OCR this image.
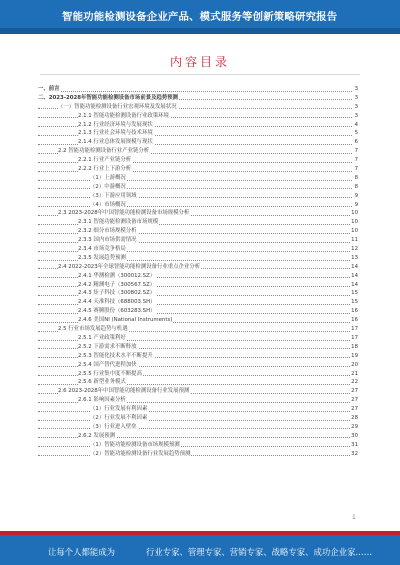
智能功能检测设备企业产品、模式服务等创新策略研究报告
内容目录
一、前言	3
二、2023-2028年智能功能检测设备市场前景及趋势预测	3
（一）智能功能检测设备行业宏观环境及发展状况	3
2.1.1 智能功能检测设备行业政策环境	3
2.1.2 行业经济环境与发展现状	4
2.1.3 行业社会环境与技术环境	5
2.1.4 行业总体发展规模与现状	6
2.2 智能功能检测设备行业产业链分析	7
2.2.1 行业产业链分析	7
2.2.2 行业上下游分析	7
（1）上游概况	8
（2）中游概况	8
（3）下游应用领域	9
（4）市场概况	9
2.3 2023-2028年中国智能功能检测设备市场规模分析	10
2.3.1 智能功能检测设备市场规模	10
2.3.2 细分市场规模分析	10
2.3.3 国内市场供需情况	11
2.3.4 市场竞争格局	12
2.3.5 发展趋势预测	13
2.4 2022-2023年全球智能功能检测设备行业重点企业分析	14
2.4.1 华测检测（300012.SZ）	14
2.4.2 精测电子（300567.SZ）	14
2.4.3 矩子科技（300802.SZ）	15
2.4.4 天准科技（688003.SH）	15
2.4.5 赛腾股份（603283.SH）	16
2.4.6 美国NI (National Instruments)	16
2.5 行业市场发展趋势与机遇	17
2.5.1 产业政策利好	17
2.5.2 下游需求不断释放	18
2.5.3 智能化技术水平不断提升	19
2.5.4 国产替代进程加快	20
2.5.5 行业集中度不断提高	21
2.5.6 新型业务模式	22
2.6 2023-2028年中国智能功能检测设备行业发展预测	27
2.6.1 影响因素分析	27
（1）行业发展有利因素	27
（2）行业发展不利因素	28
（3）行业进入壁垒	29
2.6.2 发展预测	30
（1）智能功能检测设备市场规模预测	31
（2）智能功能检测设备行业发展趋势预测	32
1
让每个人都能成为	行业专家、管理专家、营销专家、战略专家、成功企业家……
